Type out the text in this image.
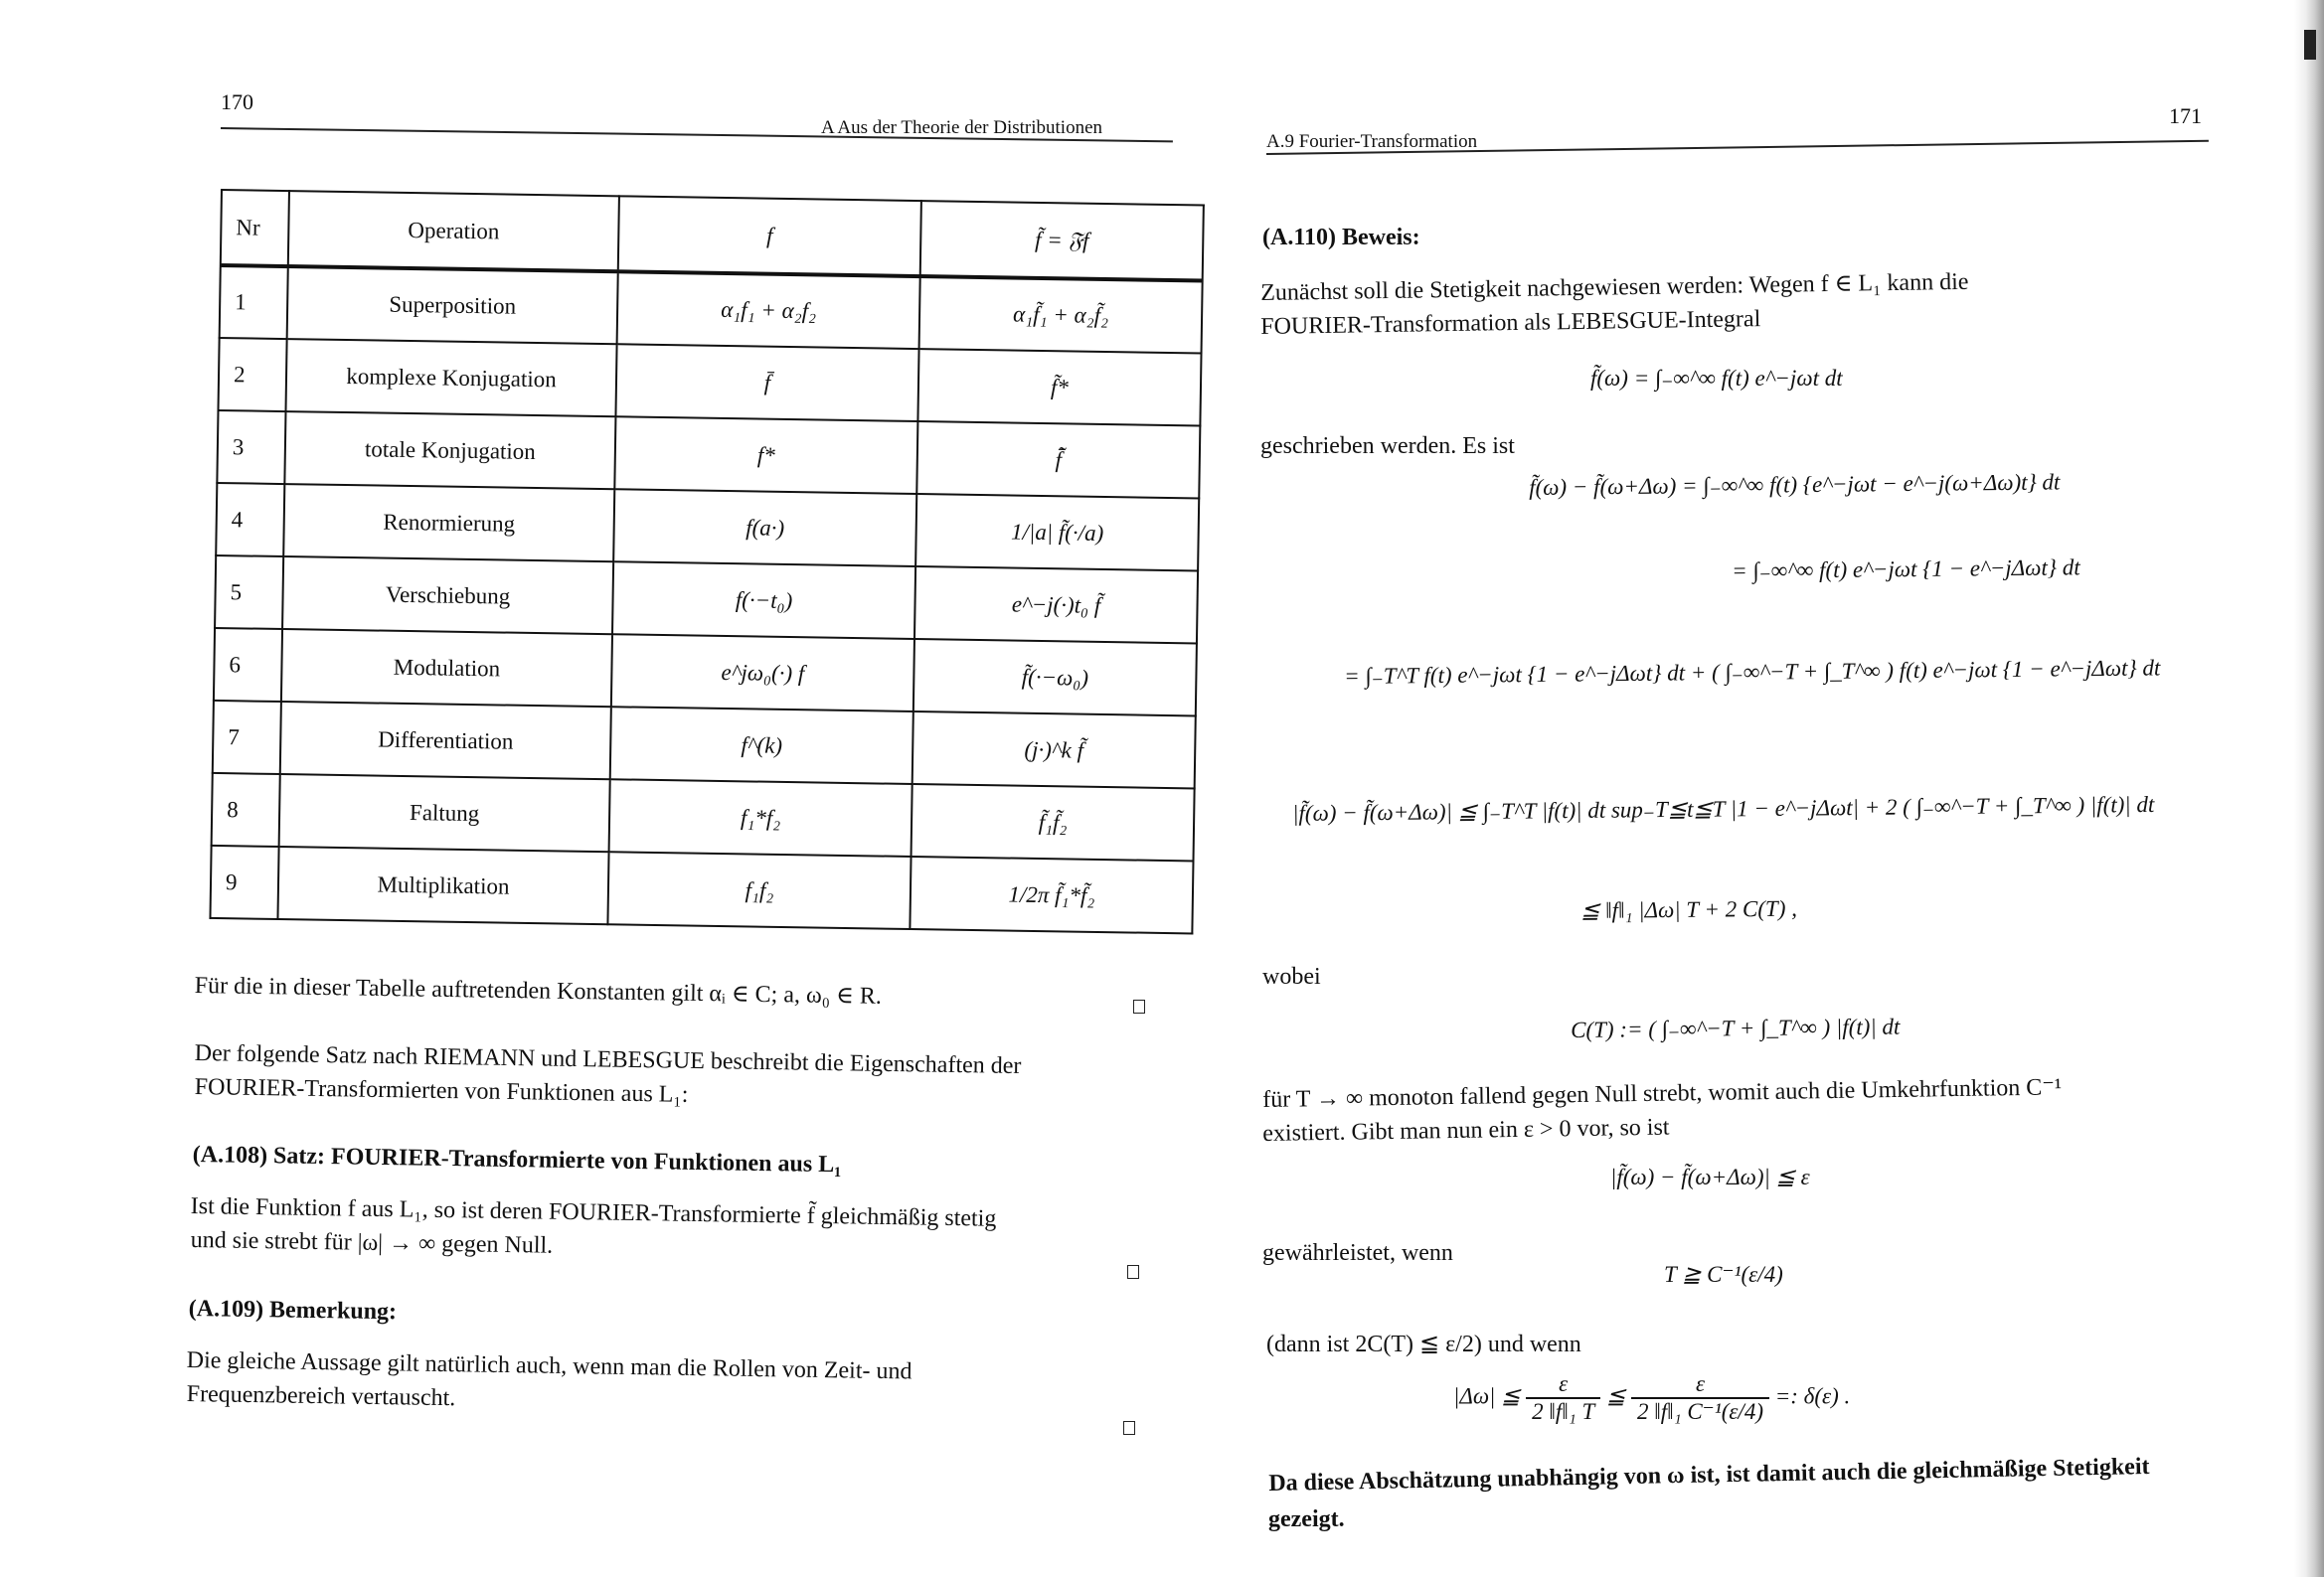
170
A Aus der Theorie der Distributionen
Nr	Operation	f	f̃ = 𝔉f
1	Superposition	α₁f₁ + α₂f₂	α₁f̃₁ + α₂f̃₂
2	komplexe Konjugation	f̄	f̃*
3	totale Konjugation	f*	f̃̄
4	Renormierung	f(a·)	1/|a| f̃(·/a)
5	Verschiebung	f(·−t₀)	e^−j(·)t₀ f̃
6	Modulation	e^jω₀(·) f	f̃(·−ω₀)
7	Differentiation	f^(k)	(j·)^k f̃
8	Faltung	f₁*f₂	f̃₁f̃₂
9	Multiplikation	f₁f₂	1/2π f̃₁*f̃₂
Für die in dieser Tabelle auftretenden Konstanten gilt αᵢ ∈ C; a, ω₀ ∈ R.
Der folgende Satz nach RIEMANN und LEBESGUE beschreibt die Eigenschaften der
FOURIER-Transformierten von Funktionen aus L₁:
(A.108) Satz: FOURIER-Transformierte von Funktionen aus L₁
Ist die Funktion f aus L₁, so ist deren FOURIER-Transformierte f̃ gleichmäßig stetig
und sie strebt für |ω| → ∞ gegen Null.
(A.109) Bemerkung:
Die gleiche Aussage gilt natürlich auch, wenn man die Rollen von Zeit- und
Frequenzbereich vertauscht.
171
A.9 Fourier-Transformation
(A.110) Beweis:
Zunächst soll die Stetigkeit nachgewiesen werden: Wegen f ∈ L₁ kann die
FOURIER-Transformation als LEBESGUE-Integral
f̃(ω) = ∫₋∞^∞ f(t) e^−jωt dt
geschrieben werden. Es ist
f̃(ω) − f̃(ω+Δω) = ∫₋∞^∞ f(t) {e^−jωt − e^−j(ω+Δω)t} dt
= ∫₋∞^∞ f(t) e^−jωt {1 − e^−jΔωt} dt
= ∫₋T^T f(t) e^−jωt {1 − e^−jΔωt} dt + ( ∫₋∞^−T + ∫_T^∞ ) f(t) e^−jωt {1 − e^−jΔωt} dt
|f̃(ω) − f̃(ω+Δω)| ≦ ∫₋T^T |f(t)| dt sup₋T≦t≦T |1 − e^−jΔωt| + 2 ( ∫₋∞^−T + ∫_T^∞ ) |f(t)| dt
≦ ‖f‖₁ |Δω| T + 2 C(T) ,
wobei
C(T) := ( ∫₋∞^−T + ∫_T^∞ ) |f(t)| dt
für T → ∞ monoton fallend gegen Null strebt, womit auch die Umkehrfunktion C⁻¹
existiert. Gibt man nun ein ε > 0 vor, so ist
|f̃(ω) − f̃(ω+Δω)| ≦ ε
gewährleistet, wenn
T ≧ C⁻¹(ε/4)
(dann ist 2C(T) ≦ ε/2) und wenn
|Δω| ≦ $\frac{\varepsilon}{\text{2 ‖f‖₁ T}}$ ≦ $\frac{\varepsilon}{\text{2 ‖f‖₁ C⁻¹(ε/4)}}$ =: δ(ε) .
Da diese Abschätzung unabhängig von ω ist, ist damit auch die gleichmäßige Stetigkeit
gezeigt.
